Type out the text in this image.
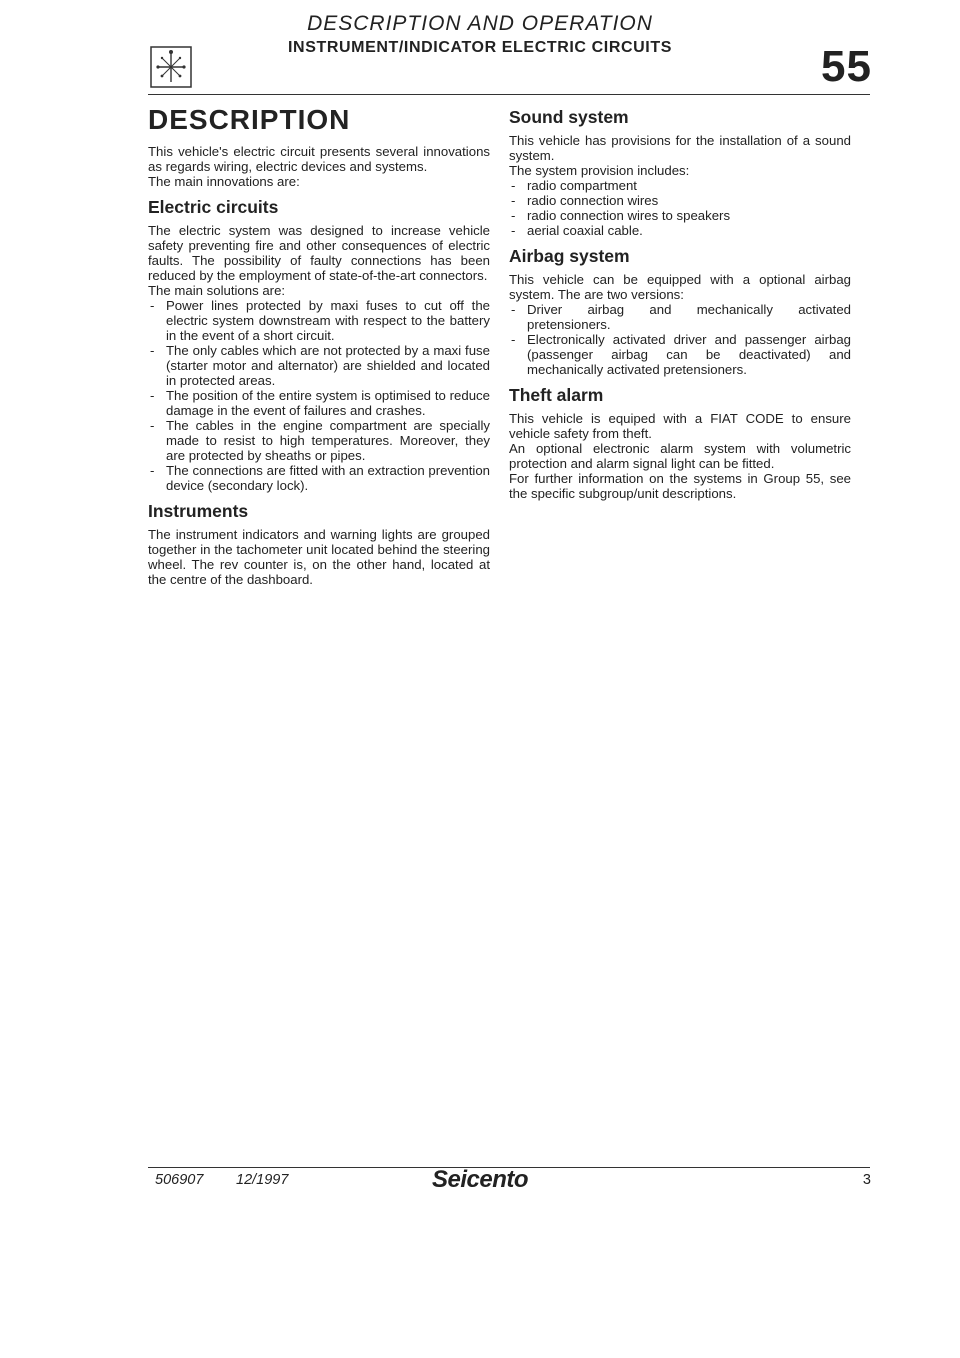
DESCRIPTION AND OPERATION
INSTRUMENT/INDICATOR ELECTRIC CIRCUITS	55
DESCRIPTION

This vehicle's electric circuit presents several innovations as regards wiring, electric devices and systems.

The main innovations are:

Electric circuits

The electric system was designed to increase vehicle safety preventing fire and other consequences of electric faults. The possibility of faulty connections has been reduced by the employment of state-of-the-art connectors.

The main solutions are:

- Power lines protected by maxi fuses to cut off the electric system downstream with respect to the battery in the event of a short circuit.
- The only cables which are not protected by a maxi fuse (starter motor and alternator) are shielded and located in protected areas.
- The position of the entire system is optimised to reduce damage in the event of failures and crashes.
- The cables in the engine compartment are specially made to resist to high temperatures. Moreover, they are protected by sheaths or pipes.
- The connections are fitted with an extraction prevention device (secondary lock).
Instruments

The instrument indicators and warning lights are grouped together in the tachometer unit located behind the steering wheel. The rev counter is, on the other hand, located at the centre of the dashboard.

Sound system

This vehicle has provisions for the installation of a sound system.

The system provision includes:

- radio compartment
- radio connection wires
- radio connection wires to speakers
- aerial coaxial cable.
Airbag system

This vehicle can be equipped with a optional airbag system. The are two versions:

- Driver airbag and mechanically activated pretensioners.
- Electronically activated driver and passenger airbag (passenger airbag can be deactivated) and mechanically activated pretensioners.
Theft alarm

This vehicle is equiped with a FIAT CODE to ensure vehicle safety from theft.

An optional electronic alarm system with volumetric protection and alarm signal light can be fitted.

For further information on the systems in Group 55, see the specific subgroup/unit descriptions.

506907 12/1997	Seicento	3
